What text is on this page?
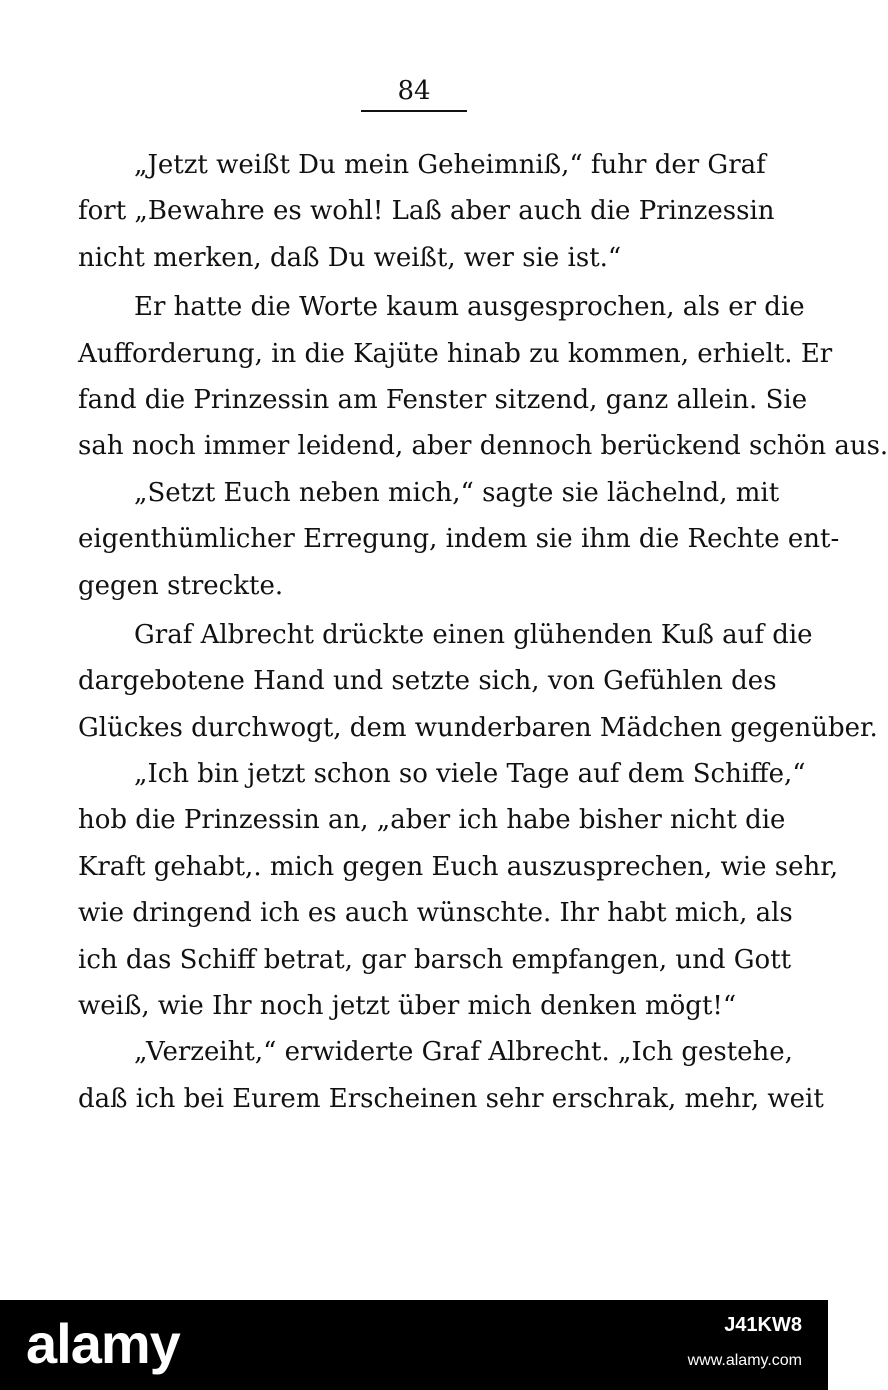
84
„Jetzt weißt Du mein Geheimniß,“ fuhr der Graf
fort „Bewahre es wohl! Laß aber auch die Prinzessin
nicht merken, daß Du weißt, wer sie ist.“
Er hatte die Worte kaum ausgesprochen, als er die
Aufforderung, in die Kajüte hinab zu kommen, erhielt. Er
fand die Prinzessin am Fenster sitzend, ganz allein. Sie
sah noch immer leidend, aber dennoch berückend schön aus.
„Setzt Euch neben mich,“ sagte sie lächelnd, mit
eigenthümlicher Erregung, indem sie ihm die Rechte ent-
gegen streckte.
Graf Albrecht drückte einen glühenden Kuß auf die
dargebotene Hand und setzte sich, von Gefühlen des
Glückes durchwogt, dem wunderbaren Mädchen gegenüber.
„Ich bin jetzt schon so viele Tage auf dem Schiffe,“
hob die Prinzessin an, „aber ich habe bisher nicht die
Kraft gehabt,. mich gegen Euch auszusprechen, wie sehr,
wie dringend ich es auch wünschte. Ihr habt mich, als
ich das Schiff betrat, gar barsch empfangen, und Gott
weiß, wie Ihr noch jetzt über mich denken mögt!“
„Verzeiht,“ erwiderte Graf Albrecht. „Ich gestehe,
daß ich bei Eurem Erscheinen sehr erschrak, mehr, weit
alamy	J41KW8
www.alamy.com
